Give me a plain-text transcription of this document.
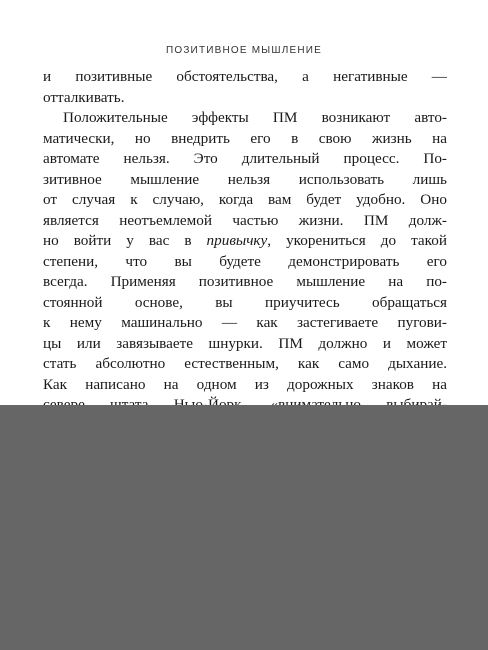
ПОЗИТИВНОЕ МЫШЛЕНИЕ
и позитивные обстоятельства, а негативные —
отталкивать.
Положительные эффекты ПМ возникают авто-
матически, но внедрить его в свою жизнь на
автомате нельзя. Это длительный процесс. По-
зитивное мышление нельзя использовать лишь
от случая к случаю, когда вам будет удобно. Оно
является неотъемлемой частью жизни. ПМ долж-
но войти у вас в привычку, укорениться до такой
степени, что вы будете демонстрировать его
всегда. Применяя позитивное мышление на по-
стоянной основе, вы приучитесь обращаться
к нему машинально — как застегиваете пугови-
цы или завязываете шнурки. ПМ должно и может
стать абсолютно естественным, как само дыхание.
Как написано на одном из дорожных знаков на
